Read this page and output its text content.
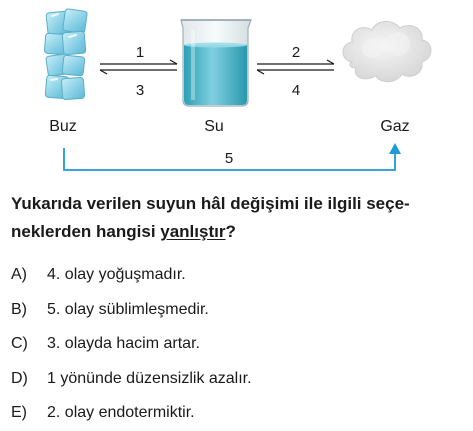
Buz	Su	Gaz
1
3
2
4
5
Yukarıda verilen suyun hâl değişimi ile ilgili seçe-neklerden hangisi yanlıştır?
A) 4. olay yoğuşmadır.
B) 5. olay süblimleşmedir.
C) 3. olayda hacim artar.
D) 1 yönünde düzensizlik azalır.
E) 2. olay endotermiktir.
